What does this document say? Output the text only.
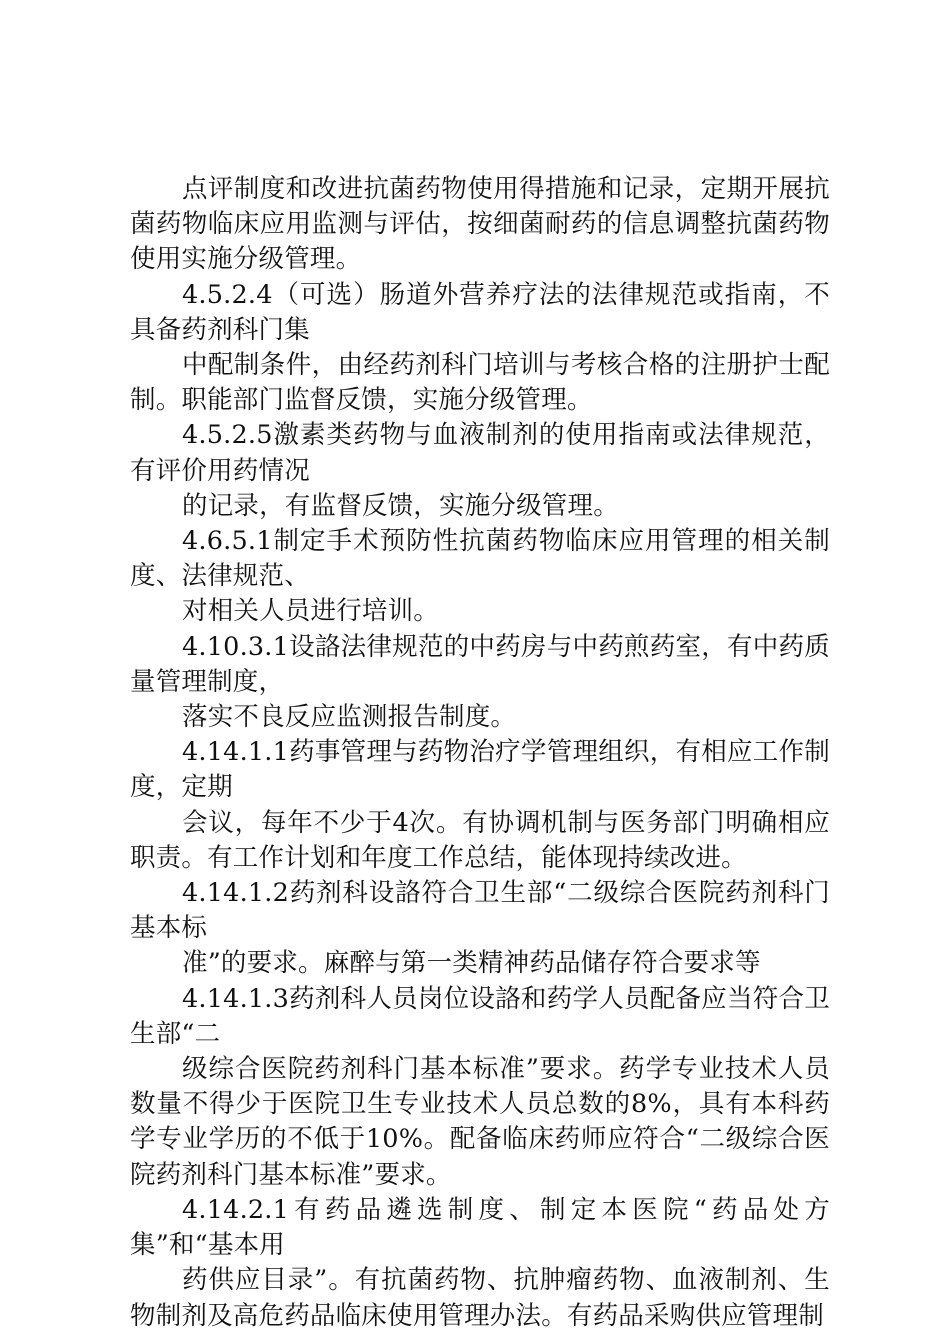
点评制度和改进抗菌药物使用得措施和记录，定期开展抗菌药物临床应用监测与评估，按细菌耐药的信息调整抗菌药物使用实施分级管理。

4.5.2.4（可选）肠道外营养疗法的法律规范或指南，不具备药剂科门集

中配制条件，由经药剂科门培训与考核合格的注册护士配制。职能部门监督反馈，实施分级管理。

4.5.2.5激素类药物与血液制剂的使用指南或法律规范，有评价用药情况

的记录，有监督反馈，实施分级管理。

4.6.5.1制定手术预防性抗菌药物临床应用管理的相关制度、法律规范、

对相关人员进行培训。

4.10.3.1设詻法律规范的中药房与中药煎药室，有中药质量管理制度，

落实不良反应监测报告制度。

4.14.1.1药事管理与药物治疗学管理组织，有相应工作制度，定期

会议，每年不少于4次。有协调机制与医务部门明确相应职责。有工作计划和年度工作总结，能体现持续改进。

4.14.1.2药剂科设詻符合卫生部“二级综合医院药剂科门基本标

准”的要求。麻醉与第一类精神药品储存符合要求等

4.14.1.3药剂科人员岗位设詻和药学人员配备应当符合卫生部“二

级综合医院药剂科门基本标准”要求。药学专业技术人员数量不得少于医院卫生专业技术人员总数的8%，具有本科药学专业学历的不低于10%。配备临床药师应符合“二级综合医院药剂科门基本标准”要求。

4.14.2.1有药品遴选制度、制定本医院“药品处方集”和“基本用

药供应目录”。有抗菌药物、抗肿瘤药物、血液制剂、生物制剂及高危药品临床使用管理办法。有药品采购供应管理制
